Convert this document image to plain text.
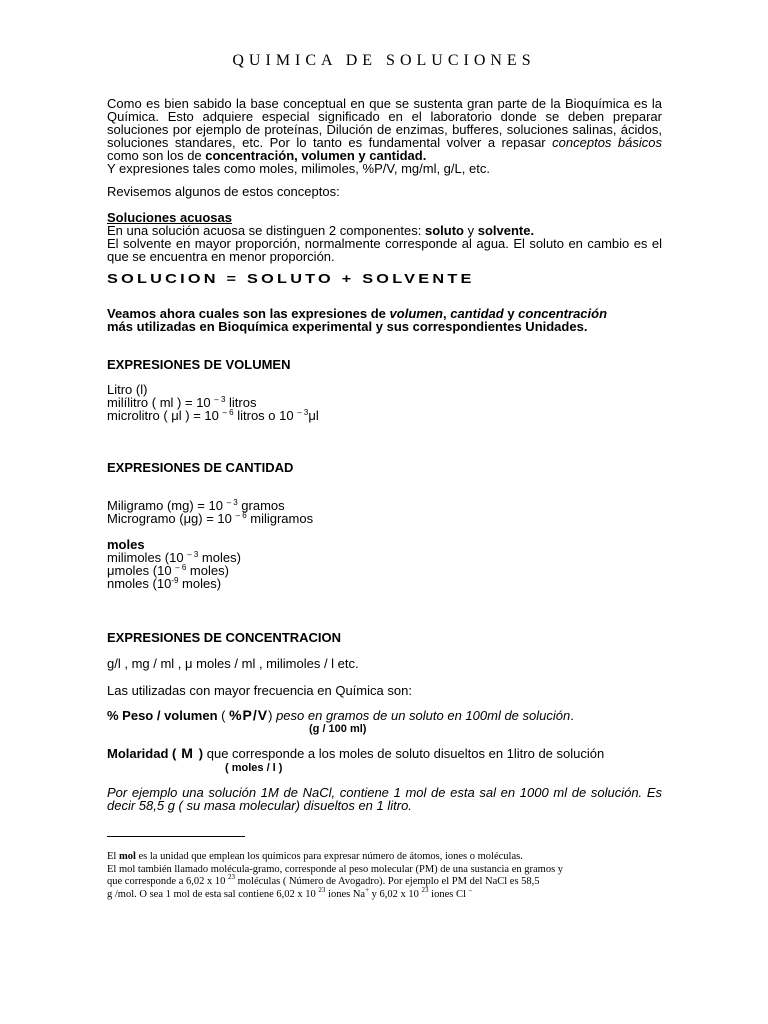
QUIMICA DE SOLUCIONES
Como es bien sabido la base conceptual en que se sustenta gran parte de la Bioquímica es la Química. Esto adquiere especial significado en el laboratorio donde se deben preparar soluciones por ejemplo de proteínas, Dilución de enzimas, bufferes, soluciones salinas, ácidos, soluciones standares, etc. Por lo tanto es fundamental volver a repasar conceptos básicos como son los de concentración, volumen y cantidad.
Y expresiones tales como moles, milimoles, %P/V, mg/ml, g/L, etc.
Revisemos algunos de estos conceptos:
Soluciones acuosas
En una solución acuosa se distinguen 2 componentes: soluto y solvente.
El solvente en mayor proporción, normalmente corresponde al agua. El soluto en cambio es el que se encuentra en menor proporción.
SOLUCION = SOLUTO + SOLVENTE
Veamos ahora cuales son las expresiones de volumen, cantidad y concentración
más utilizadas en Bioquímica experimental y sus correspondientes Unidades.
EXPRESIONES DE VOLUMEN
Litro (l)
milílitro ( ml ) = 10 $^{- 3}$ litros
microlitro ( μl ) = 10 $^{- 6}$ litros o 10 $^{- 3}$μl
EXPRESIONES DE CANTIDAD
Miligramo (mg) = 10 $^{- 3}$ gramos
Microgramo (μg) = 10 $^{- 6}$ miligramos
moles
milimoles (10 $^{- 3}$ moles)
μmoles (10 $^{- 6}$ moles)
nmoles ($10^{-9}$ moles)
EXPRESIONES DE CONCENTRACION
g/l , mg / ml , μ moles / ml , milimoles / l etc.
Las utilizadas con mayor frecuencia en Química son:
% Peso / volumen ( %P/V) peso en gramos de un soluto en 100ml de solución.
(g / 100 ml)
Molaridad ( M ) que corresponde a los moles de soluto disueltos en 1litro de solución
( moles / l )
Por ejemplo una solución 1M de NaCl, contiene 1 mol de esta sal en 1000 ml de solución. Es decir 58,5 g ( su masa molecular) disueltos en 1 litro.
El mol es la unidad que emplean los químicos para expresar número de átomos, iones o moléculas.
El mol también llamado molécula-gramo, corresponde al peso molecular (PM) de una sustancia en gramos y
que corresponde a 6,02 x 10 $^{23}$ moléculas ( Número de Avogadro). Por ejemplo el PM del NaCl es 58,5
g /mol. O sea 1 mol de esta sal contiene 6,02 x 10 $^{23}$ iones Na+ y 6,02 x 10 $^{23}$ iones Cl –
